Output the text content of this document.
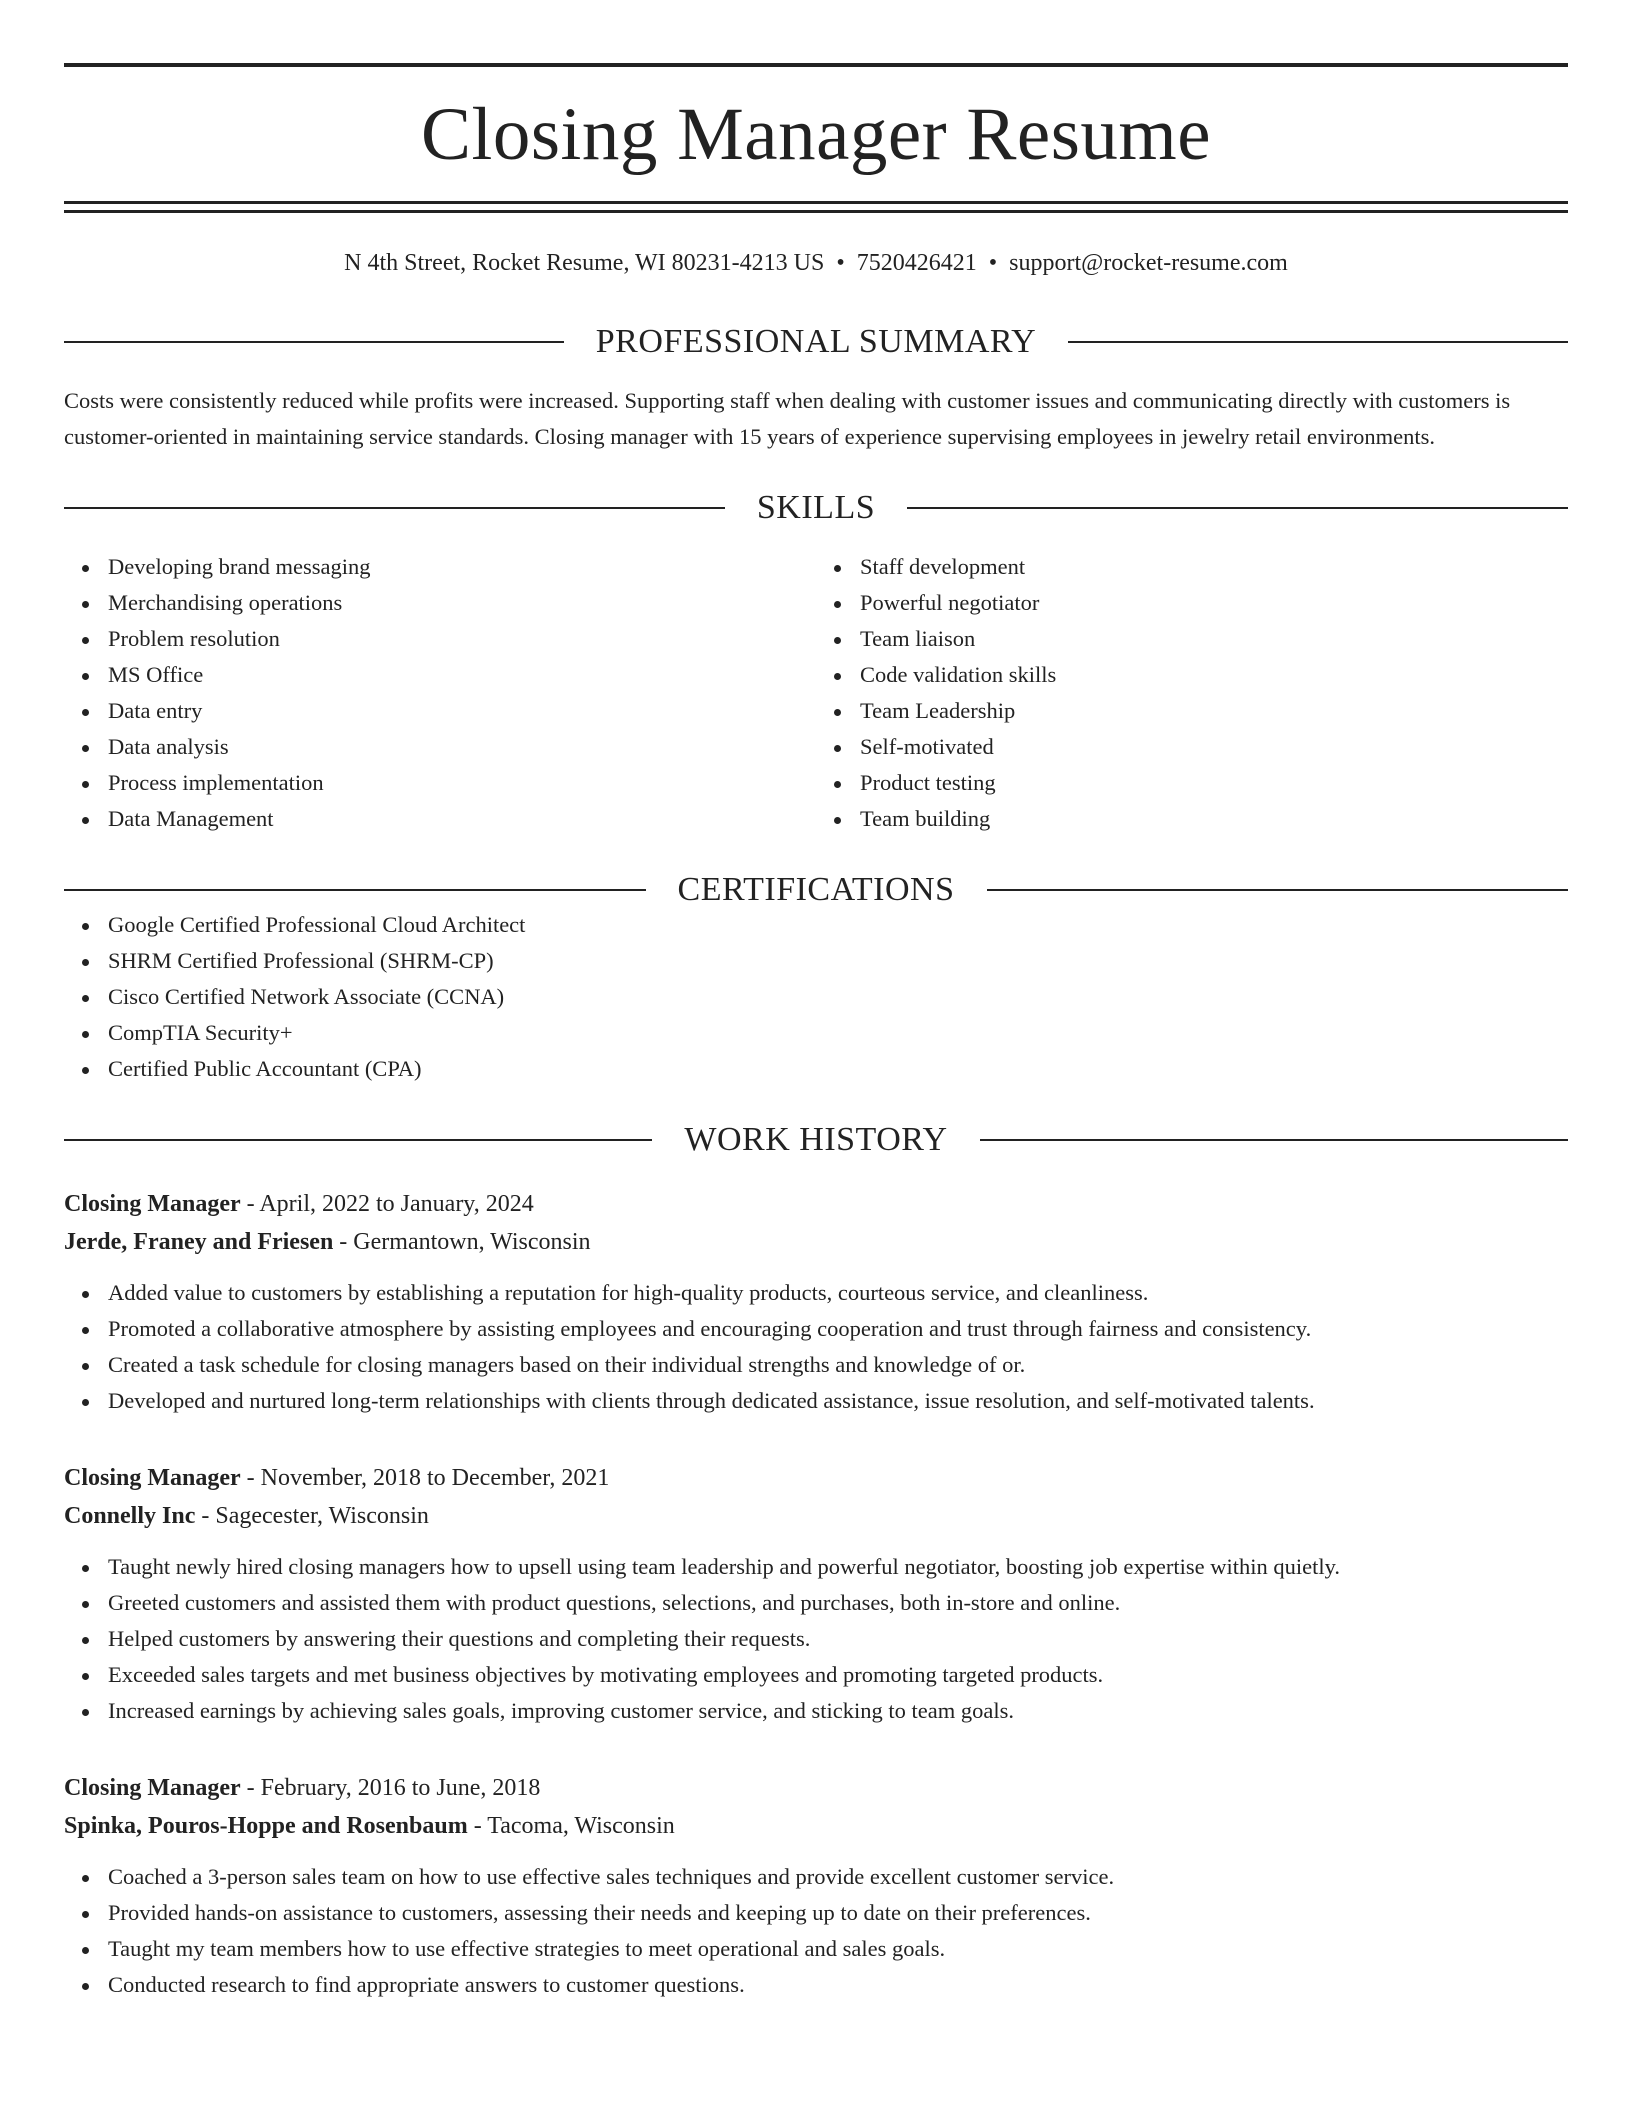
Closing Manager Resume
N 4th Street, Rocket Resume, WI 80231-4213 US • 7520426421 • support@rocket-resume.com
PROFESSIONAL SUMMARY

Costs were consistently reduced while profits were increased. Supporting staff when dealing with customer issues and communicating directly with customers is customer-oriented in maintaining service standards. Closing manager with 15 years of experience supervising employees in jewelry retail environments.

SKILLS
Developing brand messaging
Merchandising operations
Problem resolution
MS Office
Data entry
Data analysis
Process implementation
Data Management
Staff development
Powerful negotiator
Team liaison
Code validation skills
Team Leadership
Self-motivated
Product testing
Team building
CERTIFICATIONS
Google Certified Professional Cloud Architect
SHRM Certified Professional (SHRM-CP)
Cisco Certified Network Associate (CCNA)
CompTIA Security+
Certified Public Accountant (CPA)
WORK HISTORY
Closing Manager - April, 2022 to January, 2024
Jerde, Franey and Friesen - Germantown, Wisconsin
Added value to customers by establishing a reputation for high-quality products, courteous service, and cleanliness.
Promoted a collaborative atmosphere by assisting employees and encouraging cooperation and trust through fairness and consistency.
Created a task schedule for closing managers based on their individual strengths and knowledge of or.
Developed and nurtured long-term relationships with clients through dedicated assistance, issue resolution, and self-motivated talents.
Closing Manager - November, 2018 to December, 2021
Connelly Inc - Sagecester, Wisconsin
Taught newly hired closing managers how to upsell using team leadership and powerful negotiator, boosting job expertise within quietly.
Greeted customers and assisted them with product questions, selections, and purchases, both in-store and online.
Helped customers by answering their questions and completing their requests.
Exceeded sales targets and met business objectives by motivating employees and promoting targeted products.
Increased earnings by achieving sales goals, improving customer service, and sticking to team goals.
Closing Manager - February, 2016 to June, 2018
Spinka, Pouros-Hoppe and Rosenbaum - Tacoma, Wisconsin
Coached a 3-person sales team on how to use effective sales techniques and provide excellent customer service.
Provided hands-on assistance to customers, assessing their needs and keeping up to date on their preferences.
Taught my team members how to use effective strategies to meet operational and sales goals.
Conducted research to find appropriate answers to customer questions.
